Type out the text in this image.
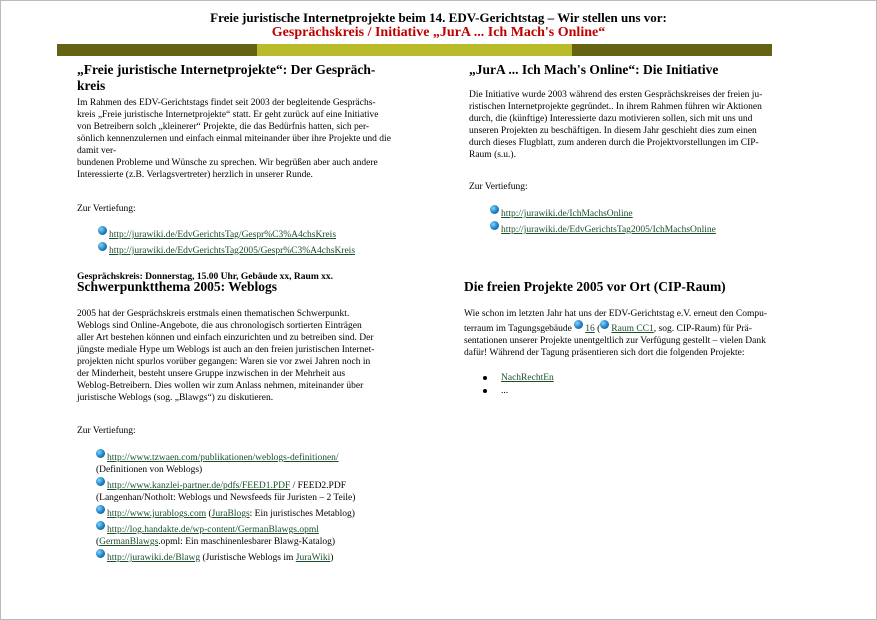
Freie juristische Internetprojekte beim 14. EDV-Gerichtstag – Wir stellen uns vor:
Gesprächskreis / Initiative „JurA ... Ich Mach's Online“
„Freie juristische Internetprojekte“: Der Gespräch-
kreis

Im Rahmen des EDV-Gerichtstags findet seit 2003 der begleitende Gesprächs-
kreis „Freie juristische Internetprojekte“ statt. Er geht zurück auf eine Initiative
von Betreibern solch „kleinerer“ Projekte, die das Bedürfnis hatten, sich per-
sönlich kennenzulernen und einfach einmal miteinander über ihre Projekte und die damit ver-
bundenen Probleme und Wünsche zu sprechen. Wir begrüßen aber auch andere
Interessierte (z.B. Verlagsvertreter) herzlich in unserer Runde.

Zur Vertiefung:

http://jurawiki.de/EdvGerichtsTag/Gespr%C3%A4chsKreis
http://jurawiki.de/EdvGerichtsTag2005/Gespr%C3%A4chsKreis

Gesprächskreis: Donnerstag, 15.00 Uhr, Gebäude xx, Raum xx.

Schwerpunktthema 2005: Weblogs

2005 hat der Gesprächskreis erstmals einen thematischen Schwerpunkt.
Weblogs sind Online-Angebote, die aus chronologisch sortierten Einträgen
aller Art bestehen können und einfach einzurichten und zu betreiben sind. Der
jüngste mediale Hype um Weblogs ist auch an den freien juristischen Internet-
projekten nicht spurlos vorüber gegangen: Waren sie vor zwei Jahren noch in
der Minderheit, besteht unsere Gruppe inzwischen in der Mehrheit aus
Weblog-Betreibern. Dies wollen wir zum Anlass nehmen, miteinander über
juristische Weblogs (sog. „Blawgs“) zu diskutieren.

Zur Vertiefung:

http://www.tzwaen.com/publikationen/weblogs-definitionen/
(Definitionen von Weblogs)
http://www.kanzlei-partner.de/pdfs/FEED1.PDF / FEED2.PDF
(Langenhan/Notholt: Weblogs und Newsfeeds für Juristen – 2 Teile)
http://www.jurablogs.com (JuraBlogs: Ein juristisches Metablog)
http://log.handakte.de/wp-content/GermanBlawgs.opml
(GermanBlawgs.opml: Ein maschinenlesbarer Blawg-Katalog)
http://jurawiki.de/Blawg (Juristische Weblogs im JuraWiki)
„JurA ... Ich Mach's Online“: Die Initiative

Die Initiative wurde 2003 während des ersten Gesprächskreises der freien ju-
ristischen Internetprojekte gegründet.. In ihrem Rahmen führen wir Aktionen
durch, die (künftige) Interessierte dazu motivieren sollen, sich mit uns und
unseren Projekten zu beschäftigen. In diesem Jahr geschieht dies zum einen
durch dieses Flugblatt, zum anderen durch die Projektvorstellungen im CIP-
Raum (s.u.).

Zur Vertiefung:

http://jurawiki.de/IchMachsOnline
http://jurawiki.de/EdvGerichtsTag2005/IchMachsOnline
Die freien Projekte 2005 vor Ort (CIP-Raum)

Wie schon im letzten Jahr hat uns der EDV-Gerichtstag e.V. erneut den Compu-
terraum im Tagungsgebäude 16 ( Raum CC1, sog. CIP-Raum) für Prä-
sentationen unserer Projekte unentgeltlich zur Verfügung gestellt – vielen Dank
dafür! Während der Tagung präsentieren sich dort die folgenden Projekte:

NachRechtEn
...
